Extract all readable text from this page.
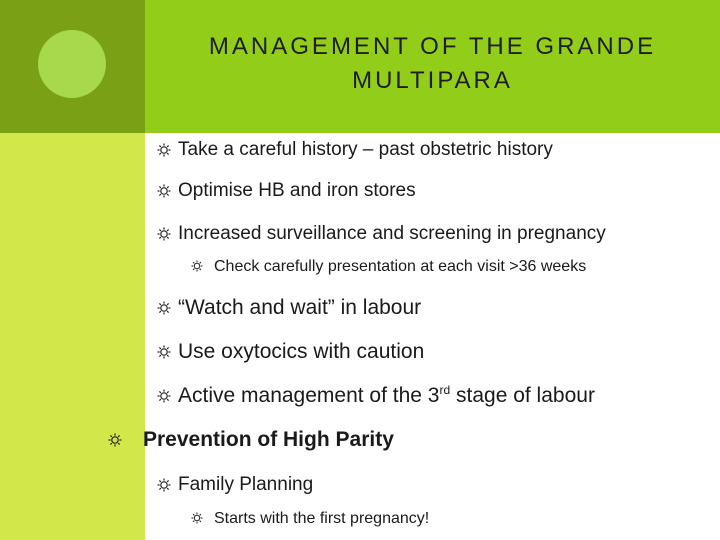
MANAGEMENT OF THE GRANDE
MULTIPARA
Take a careful history – past obstetric history
Optimise HB and iron stores
Increased surveillance and screening in pregnancy
Check carefully presentation at each visit >36 weeks
“Watch and wait” in labour
Use oxytocics with caution
Active management of the 3rd stage of labour
Prevention of High Parity
Family Planning
Starts with the first pregnancy!
